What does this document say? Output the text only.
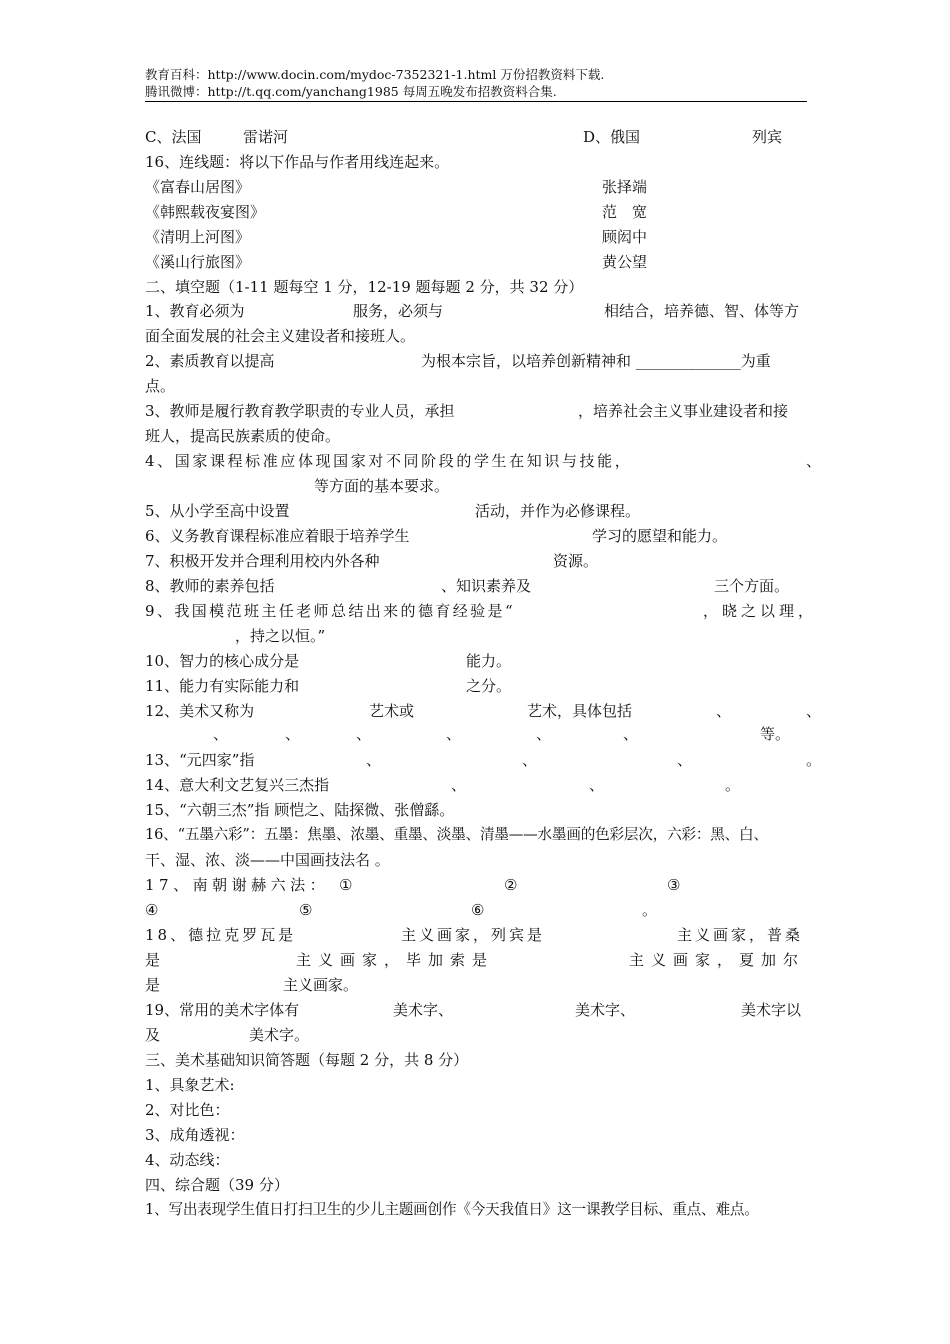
教育百科：http://www.docin.com/mydoc-7352321-1.html 万份招教资料下载.
腾讯微博：http://t.qq.com/yanchang1985 每周五晚发布招教资料合集.
C、法国	雷诺河	D、俄国	列宾
16、连线题：将以下作品与作者用线连起来。
《富春山居图》	张择端
《韩熙载夜宴图》	范　宽
《清明上河图》	顾闳中
《溪山行旅图》	黄公望
二、填空题（1-11 题每空 1 分，12-19 题每题 2 分，共 32 分）
1、教育必须为	服务，必须与	相结合，培养德、智、体等方
面全面发展的社会主义建设者和接班人。
2、素质教育以提高	为根本宗旨，以培养创新精神和 ______________为重
点。
3、教师是履行教育教学职责的专业人员，承担	，培养社会主义事业建设者和接
班人，提高民族素质的使命。
4、国家课程标准应体现国家对不同阶段的学生在知识与技能，	、
等方面的基本要求。
5、从小学至高中设置	活动，并作为必修课程。
6、义务教育课程标准应着眼于培养学生	学习的愿望和能力。
7、积极开发并合理利用校内外各种	资源。
8、教师的素养包括	、知识素养及	三个方面。
9、我国模范班主任老师总结出来的德育经验是“	，晓之以理，
，持之以恒。”
10、智力的核心成分是	能力。
11、能力有实际能力和	之分。
12、美术又称为	艺术或	艺术，具体包括	、	、
、	、	、	、	、	、	等。
13、“元四家”指	、	、	、	。
14、意大利文艺复兴三杰指	、	、	。
15、“六朝三杰”指 顾恺之、陆探微、张僧繇。
16、“五墨六彩”：五墨：焦墨、浓墨、重墨、淡墨、清墨——水墨画的色彩层次，六彩：黑、白、
干、湿、浓、淡——中国画技法名 。
17、南朝谢赫六法： ①	②	③
④	⑤	⑥	。
18、德拉克罗瓦是	主义画家，列宾是	主义画家，普桑
是	主义画家，毕加索是	主义画家，夏加尔
是	主义画家。
19、常用的美术字体有	美术字、	美术字、	美术字以
及	美术字。
三、美术基础知识简答题（每题 2 分，共 8 分）
1、具象艺术:
2、对比色：
3、成角透视：
4、动态线：
四、综合题（39 分）
1、写出表现学生值日打扫卫生的少儿主题画创作《今天我值日》这一课教学目标、重点、难点。
